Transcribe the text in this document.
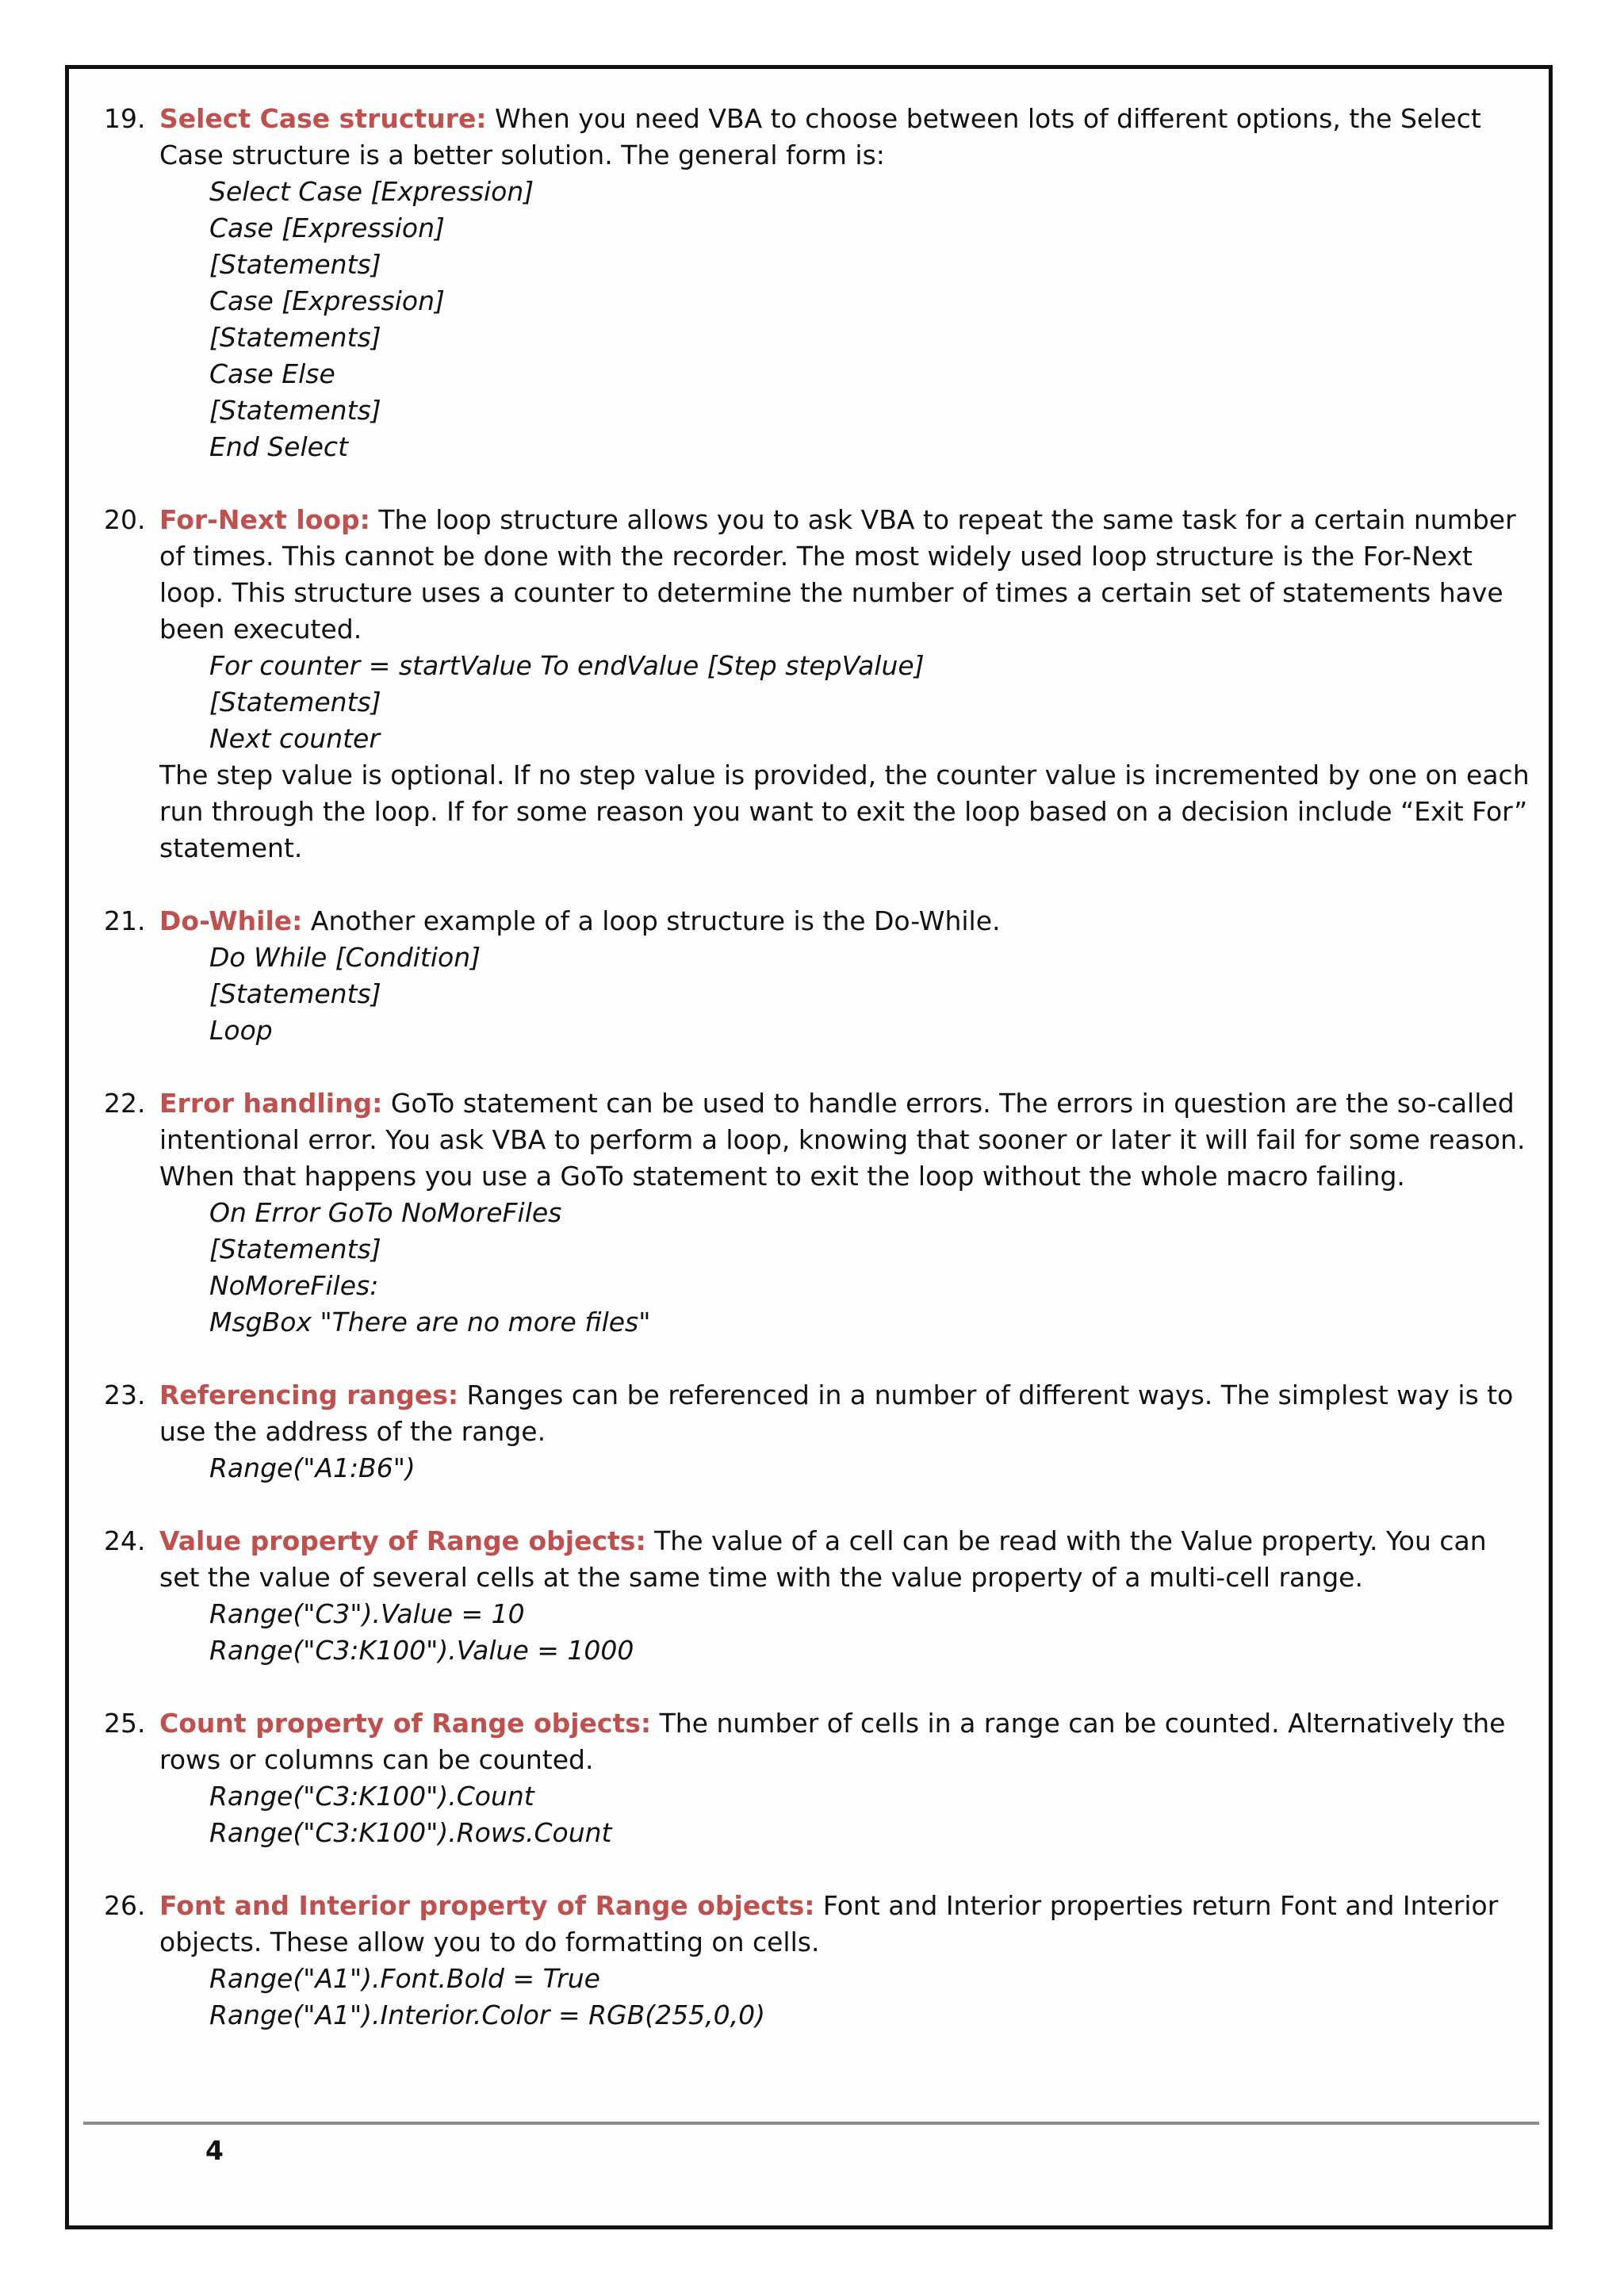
19. Select Case structure: When you need VBA to choose between lots of different options, the Select Case structure is a better solution. The general form is:
Select Case [Expression]
Case [Expression]
[Statements]
Case [Expression]
[Statements]
Case Else
[Statements]
End Select
20. For-Next loop: The loop structure allows you to ask VBA to repeat the same task for a certain number of times. This cannot be done with the recorder. The most widely used loop structure is the For-Next loop. This structure uses a counter to determine the number of times a certain set of statements have been executed.
For counter = startValue To endValue [Step stepValue]
[Statements]
Next counter
The step value is optional. If no step value is provided, the counter value is incremented by one on each run through the loop. If for some reason you want to exit the loop based on a decision include “Exit For” statement.
21. Do-While: Another example of a loop structure is the Do-While.
Do While [Condition]
[Statements]
Loop
22. Error handling: GoTo statement can be used to handle errors. The errors in question are the so-called intentional error. You ask VBA to perform a loop, knowing that sooner or later it will fail for some reason. When that happens you use a GoTo statement to exit the loop without the whole macro failing.
On Error GoTo NoMoreFiles
[Statements]
NoMoreFiles:
MsgBox "There are no more files"
23. Referencing ranges: Ranges can be referenced in a number of different ways. The simplest way is to use the address of the range.
Range("A1:B6")
24. Value property of Range objects: The value of a cell can be read with the Value property. You can set the value of several cells at the same time with the value property of a multi-cell range.
Range("C3").Value = 10
Range("C3:K100").Value = 1000
25. Count property of Range objects: The number of cells in a range can be counted. Alternatively the rows or columns can be counted.
Range("C3:K100").Count
Range("C3:K100").Rows.Count
26. Font and Interior property of Range objects: Font and Interior properties return Font and Interior objects. These allow you to do formatting on cells.
Range("A1").Font.Bold = True
Range("A1").Interior.Color = RGB(255,0,0)
4
